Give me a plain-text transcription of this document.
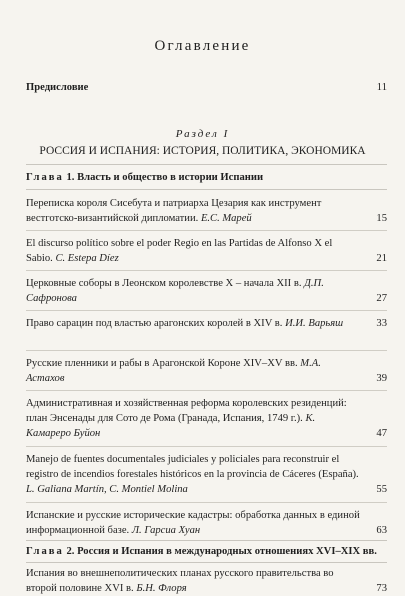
Оглавление
Предисловие	11
Раздел I
РОССИЯ И ИСПАНИЯ: ИСТОРИЯ, ПОЛИТИКА, ЭКОНОМИКА
Глава 1. Власть и общество в истории Испании
Переписка короля Сисебута и патриарха Цезария как инструмент вестготско-византийской дипломатии. Е.С. Марей	15
El discurso político sobre el poder Regio en las Partidas de Alfonso X el Sabio. C. Estepa Díez	21
Церковные соборы в Леонском королевстве X – начала XII в. Д.П. Сафронова	27
Право сарацин под властью арагонских королей в XIV в. И.И. Варьяш	33
Русские пленники и рабы в Арагонской Короне XIV–XV вв. М.А. Астахов	39
Административная и хозяйственная реформа королевских резиденций: план Энсенады для Сото де Рома (Гранада, Испания, 1749 г.). К. Камареро Буйон	47
Manejo de fuentes documentales judiciales y policiales para reconstruir el registro de incendios forestales históricos en la provincia de Cáceres (España). L. Galiana Martín, C. Montiel Molina	55
Испанские и русские исторические кадастры: обработка данных в единой информационной базе. Л. Гарсиа Хуан	63
Глава 2. Россия и Испания в международных отношениях XVI–XIX вв.
Испания во внешнеполитических планах русского правительства во второй половине XVI в. Б.Н. Флоря	73
